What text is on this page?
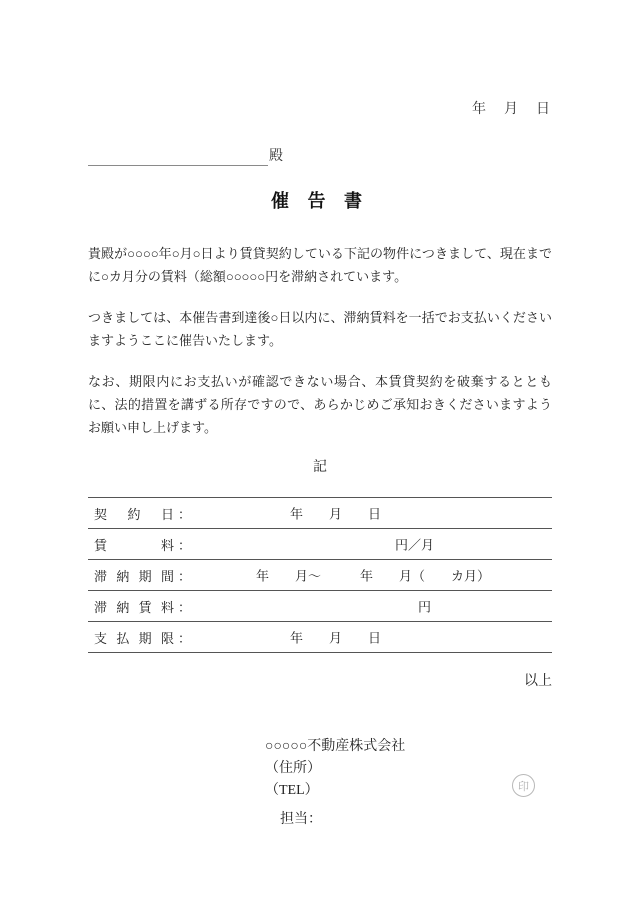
年　月　日
殿
催 告 書

貴殿が○○○○年○月○日より賃貸契約している下記の物件につきまして、現在までに○カ月分の賃料（総額○○○○○円を滞納されています。

つきましては、本催告書到達後○日以内に、滞納賃料を一括でお支払いくださいますようここに催告いたします。

なお、期限内にお支払いが確認できない場合、本賃貸契約を破棄するとともに、法的措置を講ずる所存ですので、あらかじめご承知おきくださいますようお願い申し上げます。

記
契 約 日 ：	年　　月　　日
賃	料 ：	円／月
滞 納 期 間 ：	年　　月～　　　年　　月（　　カ月）
滞 納 賃 料 ：	円
支 払 期 限 ：	年　　月　　日
以上
○○○○○不動産株式会社
（住所）
（TEL）
担当：
印
